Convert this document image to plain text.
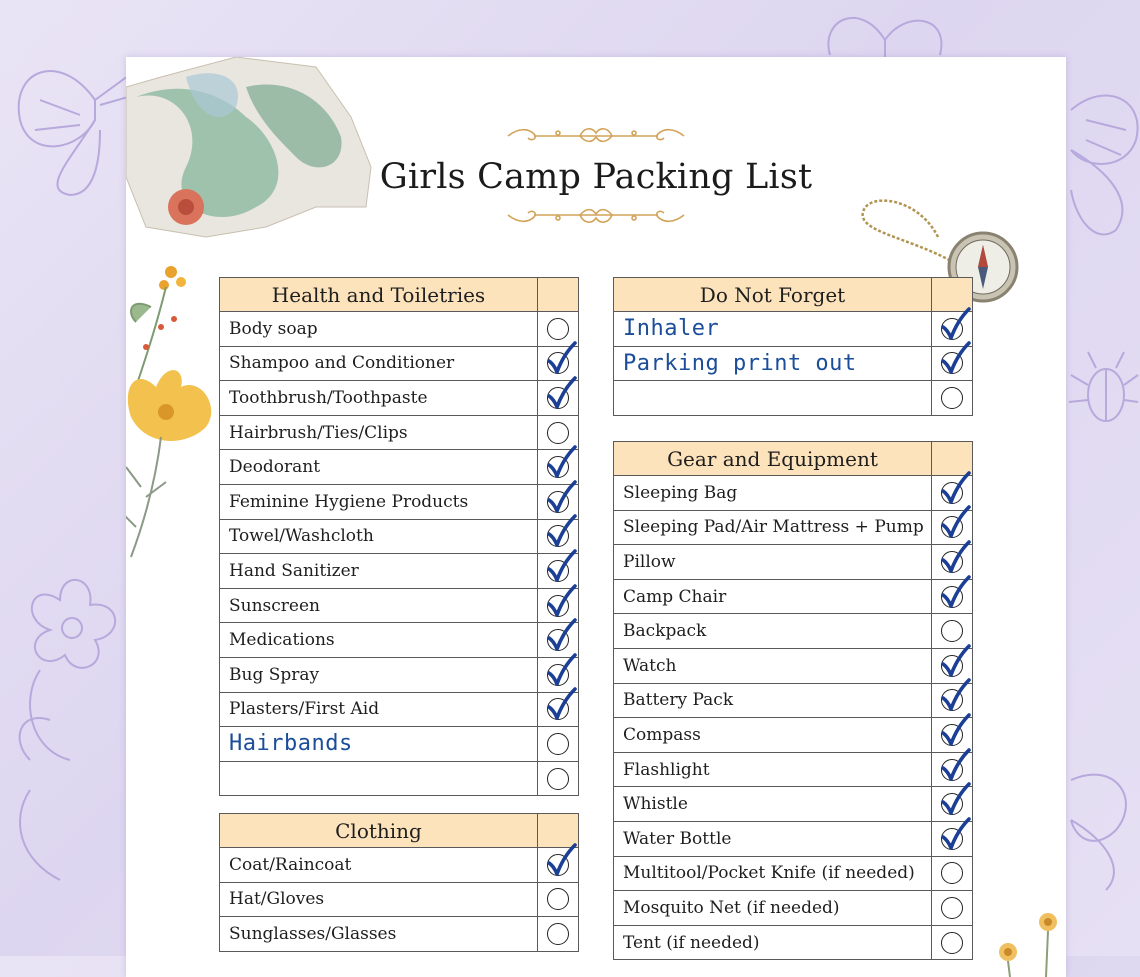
Girls Camp Packing List
Health and Toiletries	
Body soap	
Shampoo and Conditioner	

Toothbrush/Toothpaste	

Hairbrush/Ties/Clips	
Deodorant	

Feminine Hygiene Products	

Towel/Washcloth	

Hand Sanitizer	

Sunscreen	

Medications	

Bug Spray	

Plasters/First Aid	

Hairbands	

Clothing	
Coat/Raincoat	

Hat/Gloves	
Sunglasses/Glasses	
Do Not Forget	
Inhaler	

Parking print out	

Gear and Equipment	
Sleeping Bag	

Sleeping Pad/Air Mattress + Pump	

Pillow	

Camp Chair	

Backpack	
Watch	

Battery Pack	

Compass	

Flashlight	

Whistle	

Water Bottle	

Multitool/Pocket Knife (if needed)	
Mosquito Net (if needed)	
Tent (if needed)	
